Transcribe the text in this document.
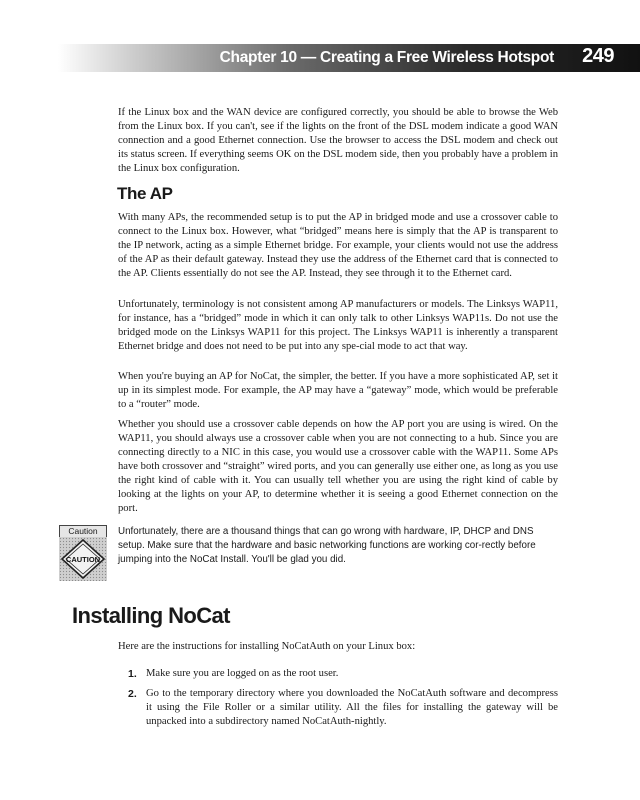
Chapter 10 — Creating a Free Wireless Hotspot 249

If the Linux box and the WAN device are configured correctly, you should be able to browse the Web from the Linux box. If you can't, see if the lights on the front of the DSL modem indicate a good WAN connection and a good Ethernet connection. Use the browser to access the DSL modem and check out its status screen. If everything seems OK on the DSL modem side, then you probably have a problem in the Linux box configuration.

The AP

With many APs, the recommended setup is to put the AP in bridged mode and use a crossover cable to connect to the Linux box. However, what “bridged” means here is simply that the AP is transparent to the IP network, acting as a simple Ethernet bridge. For example, your clients would not use the address of the AP as their default gateway. Instead they use the address of the Ethernet card that is connected to the AP. Clients essentially do not see the AP. Instead, they see through it to the Ethernet card.

Unfortunately, terminology is not consistent among AP manufacturers or models. The Linksys WAP11, for instance, has a “bridged” mode in which it can only talk to other Linksys WAP11s. Do not use the bridged mode on the Linksys WAP11 for this project. The Linksys WAP11 is inherently a transparent Ethernet bridge and does not need to be put into any spe-cial mode to act that way.

When you're buying an AP for NoCat, the simpler, the better. If you have a more sophisticated AP, set it up in its simplest mode. For example, the AP may have a “gateway” mode, which would be preferable to a “router” mode.

Whether you should use a crossover cable depends on how the AP port you are using is wired. On the WAP11, you should always use a crossover cable when you are not connecting to a hub. Since you are connecting directly to a NIC in this case, you would use a crossover cable with the WAP11. Some APs have both crossover and “straight” wired ports, and you can generally use either one, as long as you use the right kind of cable with it. You can usually tell whether you are using the right kind of cable by looking at the lights on your AP, to determine whether it is seeing a good Ethernet connection on the port.

Caution
CAUTION

Unfortunately, there are a thousand things that can go wrong with hardware, IP, DHCP and DNS setup. Make sure that the hardware and basic networking functions are working cor-rectly before jumping into the NoCat Install. You'll be glad you did.

Installing NoCat

Here are the instructions for installing NoCatAuth on your Linux box:

1. Make sure you are logged on as the root user.
2. Go to the temporary directory where you downloaded the NoCatAuth software and decompress it using the File Roller or a similar utility. All the files for installing the gateway will be unpacked into a subdirectory named NoCatAuth-nightly.
